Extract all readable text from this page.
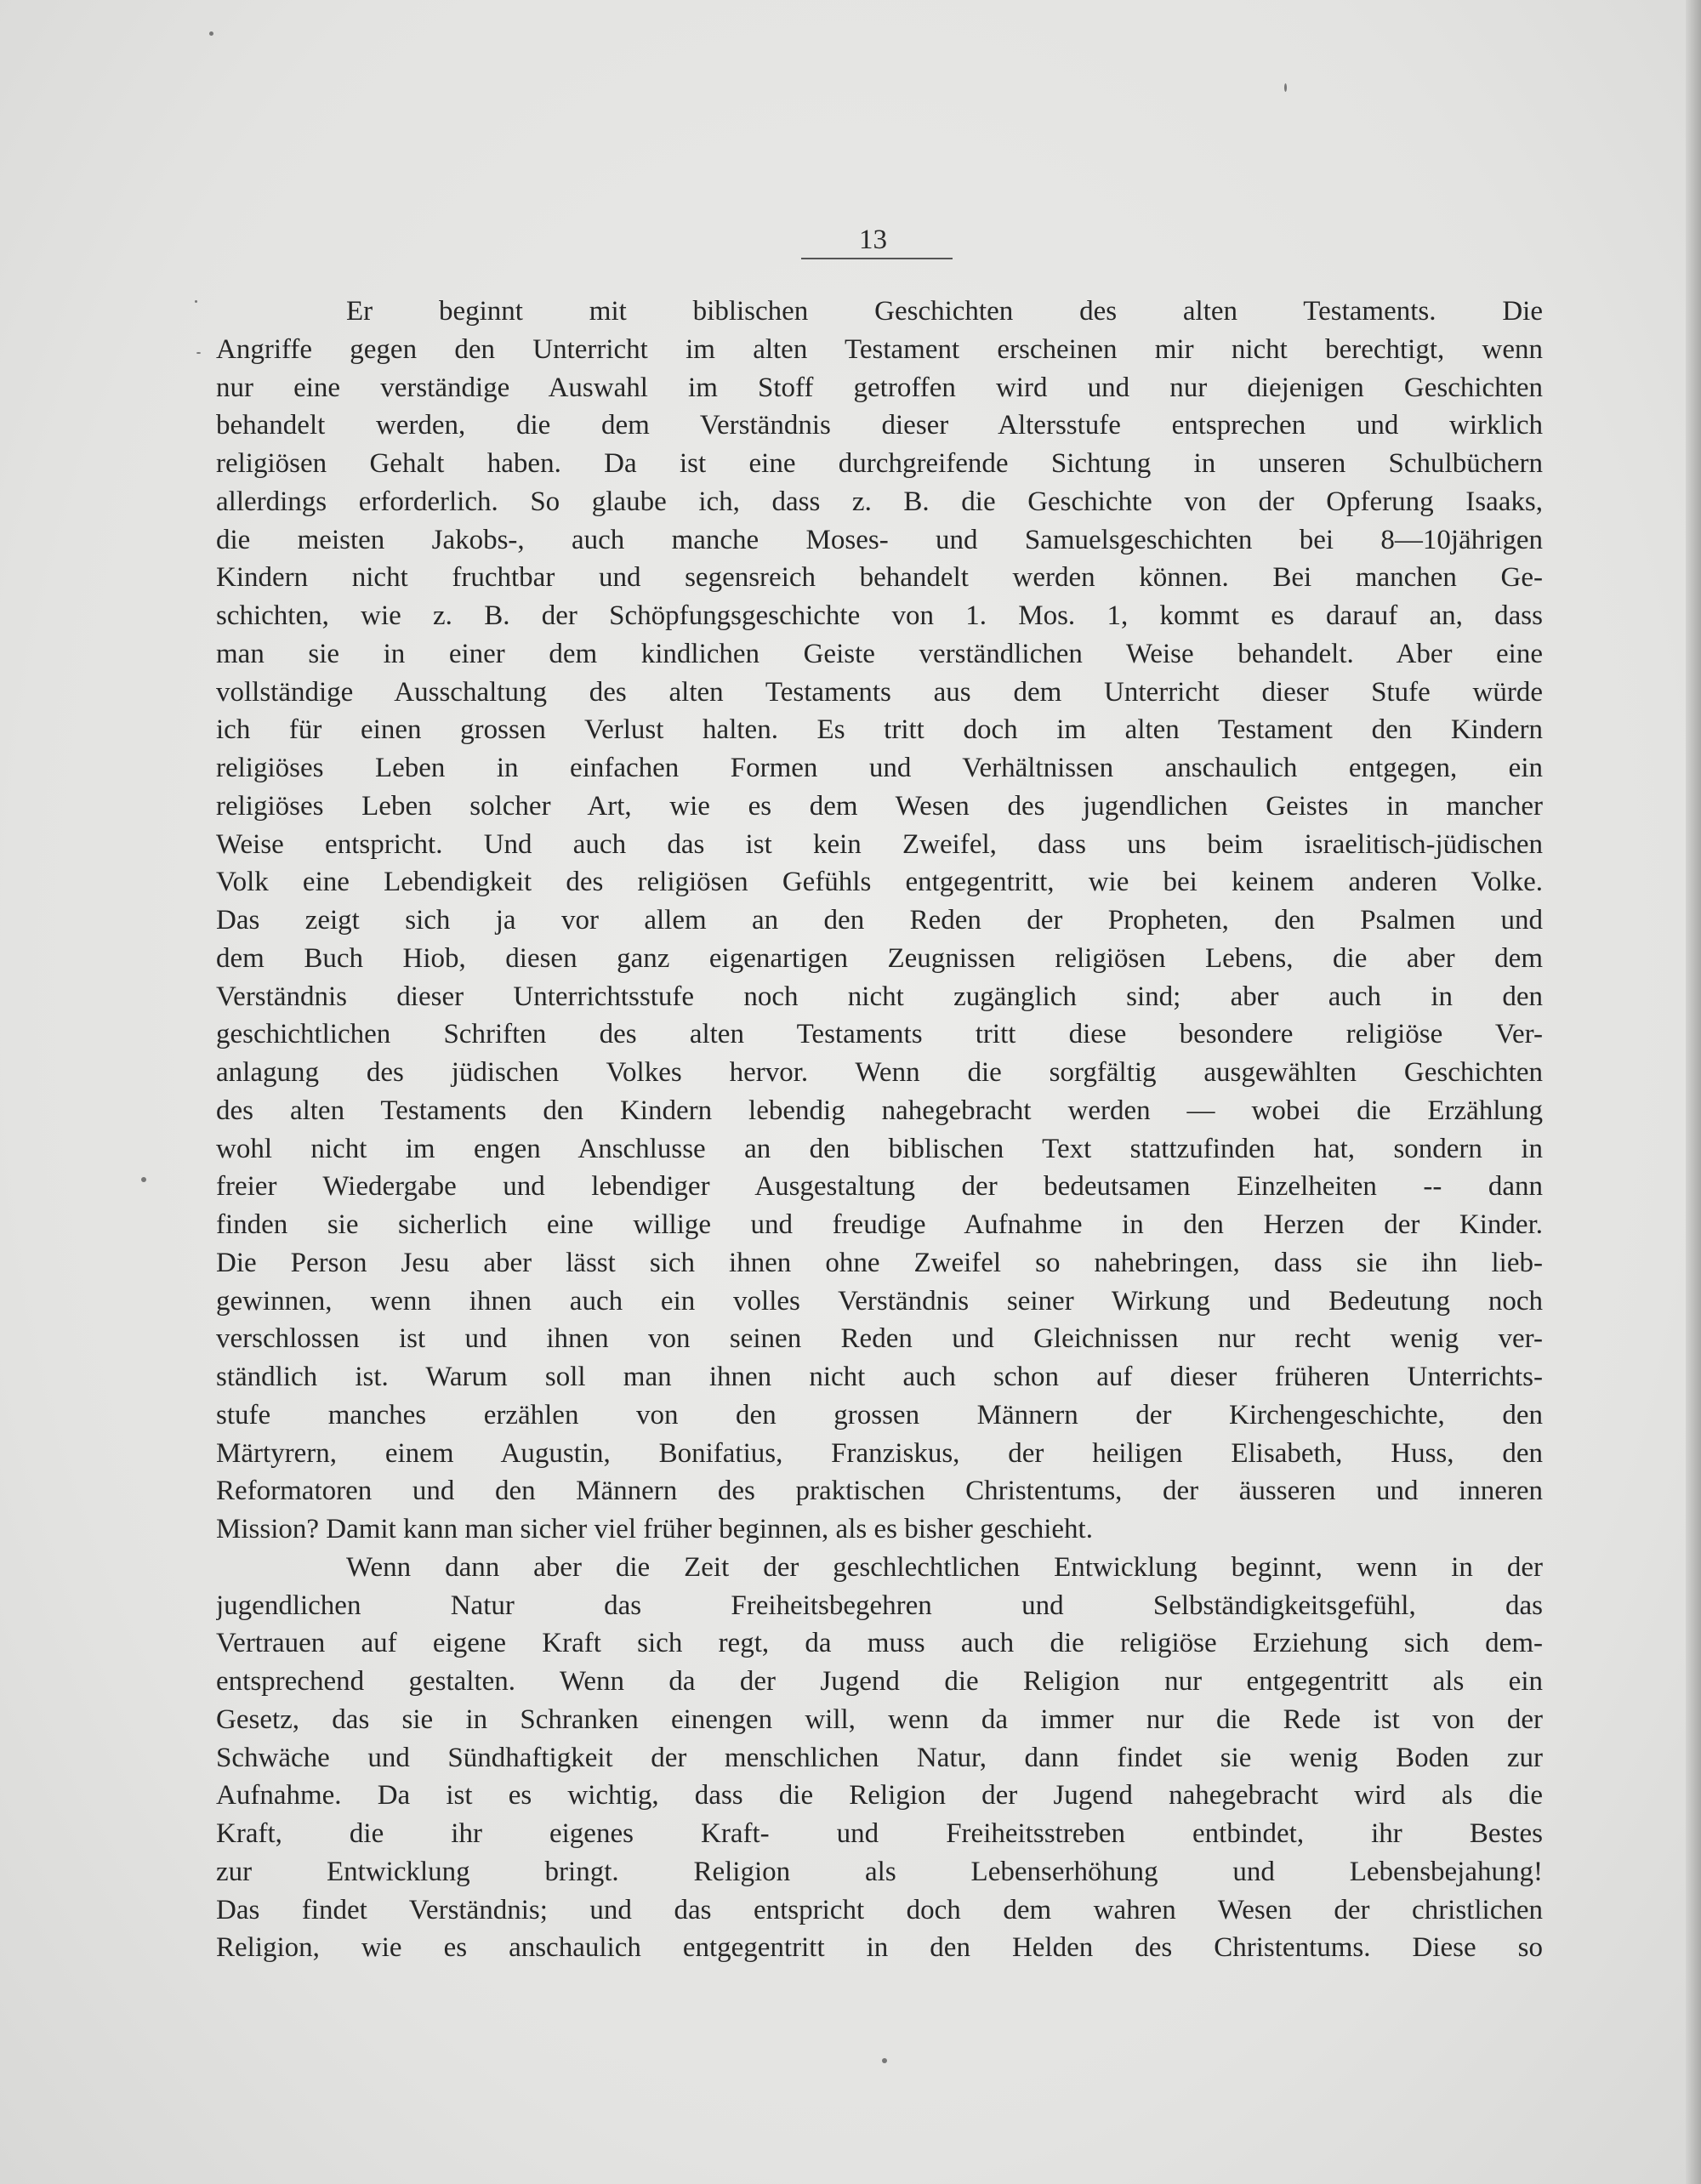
13
Er beginnt mit biblischen Geschichten des alten Testaments. Die
Angriffe gegen den Unterricht im alten Testament erscheinen mir nicht berechtigt, wenn
nur eine verständige Auswahl im Stoff getroffen wird und nur diejenigen Geschichten
behandelt werden, die dem Verständnis dieser Altersstufe entsprechen und wirklich
religiösen Gehalt haben. Da ist eine durchgreifende Sichtung in unseren Schulbüchern
allerdings erforderlich. So glaube ich, dass z. B. die Geschichte von der Opferung Isaaks,
die meisten Jakobs-, auch manche Moses- und Samuelsgeschichten bei 8—10jährigen
Kindern nicht fruchtbar und segensreich behandelt werden können. Bei manchen Ge-
schichten, wie z. B. der Schöpfungsgeschichte von 1. Mos. 1, kommt es darauf an, dass
man sie in einer dem kindlichen Geiste verständlichen Weise behandelt. Aber eine
vollständige Ausschaltung des alten Testaments aus dem Unterricht dieser Stufe würde
ich für einen grossen Verlust halten. Es tritt doch im alten Testament den Kindern
religiöses Leben in einfachen Formen und Verhältnissen anschaulich entgegen, ein
religiöses Leben solcher Art, wie es dem Wesen des jugendlichen Geistes in mancher
Weise entspricht. Und auch das ist kein Zweifel, dass uns beim israelitisch-jüdischen
Volk eine Lebendigkeit des religiösen Gefühls entgegentritt, wie bei keinem anderen Volke.
Das zeigt sich ja vor allem an den Reden der Propheten, den Psalmen und
dem Buch Hiob, diesen ganz eigenartigen Zeugnissen religiösen Lebens, die aber dem
Verständnis dieser Unterrichtsstufe noch nicht zugänglich sind; aber auch in den
geschichtlichen Schriften des alten Testaments tritt diese besondere religiöse Ver-
anlagung des jüdischen Volkes hervor. Wenn die sorgfältig ausgewählten Geschichten
des alten Testaments den Kindern lebendig nahegebracht werden — wobei die Erzählung
wohl nicht im engen Anschlusse an den biblischen Text stattzufinden hat, sondern in
freier Wiedergabe und lebendiger Ausgestaltung der bedeutsamen Einzelheiten -- dann
finden sie sicherlich eine willige und freudige Aufnahme in den Herzen der Kinder.
Die Person Jesu aber lässt sich ihnen ohne Zweifel so nahebringen, dass sie ihn lieb-
gewinnen, wenn ihnen auch ein volles Verständnis seiner Wirkung und Bedeutung noch
verschlossen ist und ihnen von seinen Reden und Gleichnissen nur recht wenig ver-
ständlich ist. Warum soll man ihnen nicht auch schon auf dieser früheren Unterrichts-
stufe manches erzählen von den grossen Männern der Kirchengeschichte, den
Märtyrern, einem Augustin, Bonifatius, Franziskus, der heiligen Elisabeth, Huss, den
Reformatoren und den Männern des praktischen Christentums, der äusseren und inneren
Mission? Damit kann man sicher viel früher beginnen, als es bisher geschieht.
Wenn dann aber die Zeit der geschlechtlichen Entwicklung beginnt, wenn in der
jugendlichen Natur das Freiheitsbegehren und Selbständigkeitsgefühl, das
Vertrauen auf eigene Kraft sich regt, da muss auch die religiöse Erziehung sich dem-
entsprechend gestalten. Wenn da der Jugend die Religion nur entgegentritt als ein
Gesetz, das sie in Schranken einengen will, wenn da immer nur die Rede ist von der
Schwäche und Sündhaftigkeit der menschlichen Natur, dann findet sie wenig Boden zur
Aufnahme. Da ist es wichtig, dass die Religion der Jugend nahegebracht wird als die
Kraft, die ihr eigenes Kraft- und Freiheitsstreben entbindet, ihr Bestes
zur Entwicklung bringt. Religion als Lebenserhöhung und Lebensbejahung!
Das findet Verständnis; und das entspricht doch dem wahren Wesen der christlichen
Religion, wie es anschaulich entgegentritt in den Helden des Christentums. Diese so
